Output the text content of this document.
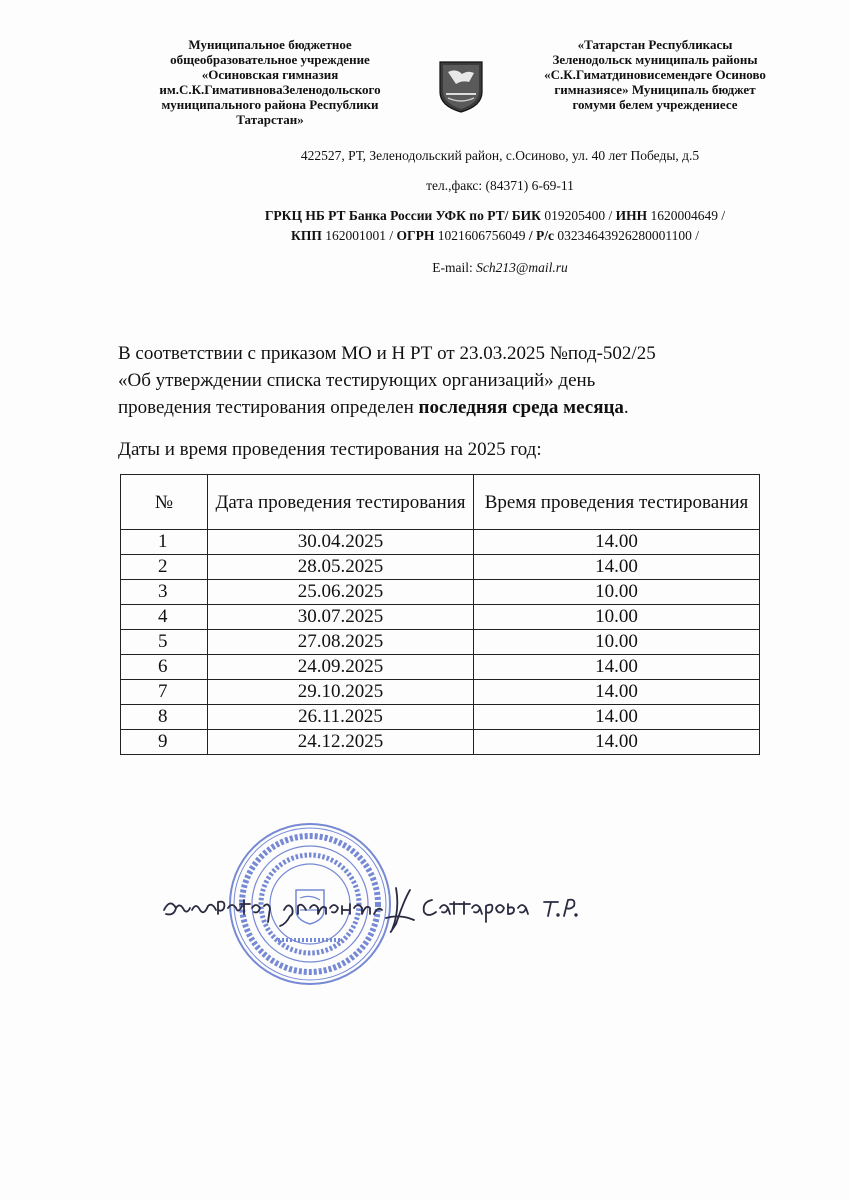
Муниципальное бюджетное
общеобразовательное учреждение
«Осиновская гимназия
им.С.К.ГимативноваЗеленодольского
муниципального района Республики
Татарстан»
«Татарстан Республикасы
Зеленодольск муниципаль районы
«С.К.Гиматдиновисемендәге Осиново
гимназиясе» Муниципаль бюджет
гомуми белем учреждениесе
422527, РТ, Зеленодольский район, с.Осиново, ул. 40 лет Победы, д.5
тел.,факс: (84371) 6-69-11
ГРКЦ НБ РТ Банка России УФК по РТ/ БИК 019205400 / ИНН 1620004649 /
КПП 162001001 / ОГРН 1021606756049 / Р/с 03234643926280001100 /
E-mail: Sch213@mail.ru
В соответствии с приказом МО и Н РТ от 23.03.2025 №под-502/25
«Об утверждении списка тестирующих организаций» день
проведения тестирования определен последняя среда месяца.
Даты и время проведения тестирования на 2025 год:
№	Дата проведения тестирования	Время проведения тестирования
1	30.04.2025	14.00
2	28.05.2025	14.00
3	25.06.2025	10.00
4	30.07.2025	10.00
5	27.08.2025	10.00
6	24.09.2025	14.00
7	29.10.2025	14.00
8	26.11.2025	14.00
9	24.12.2025	14.00
